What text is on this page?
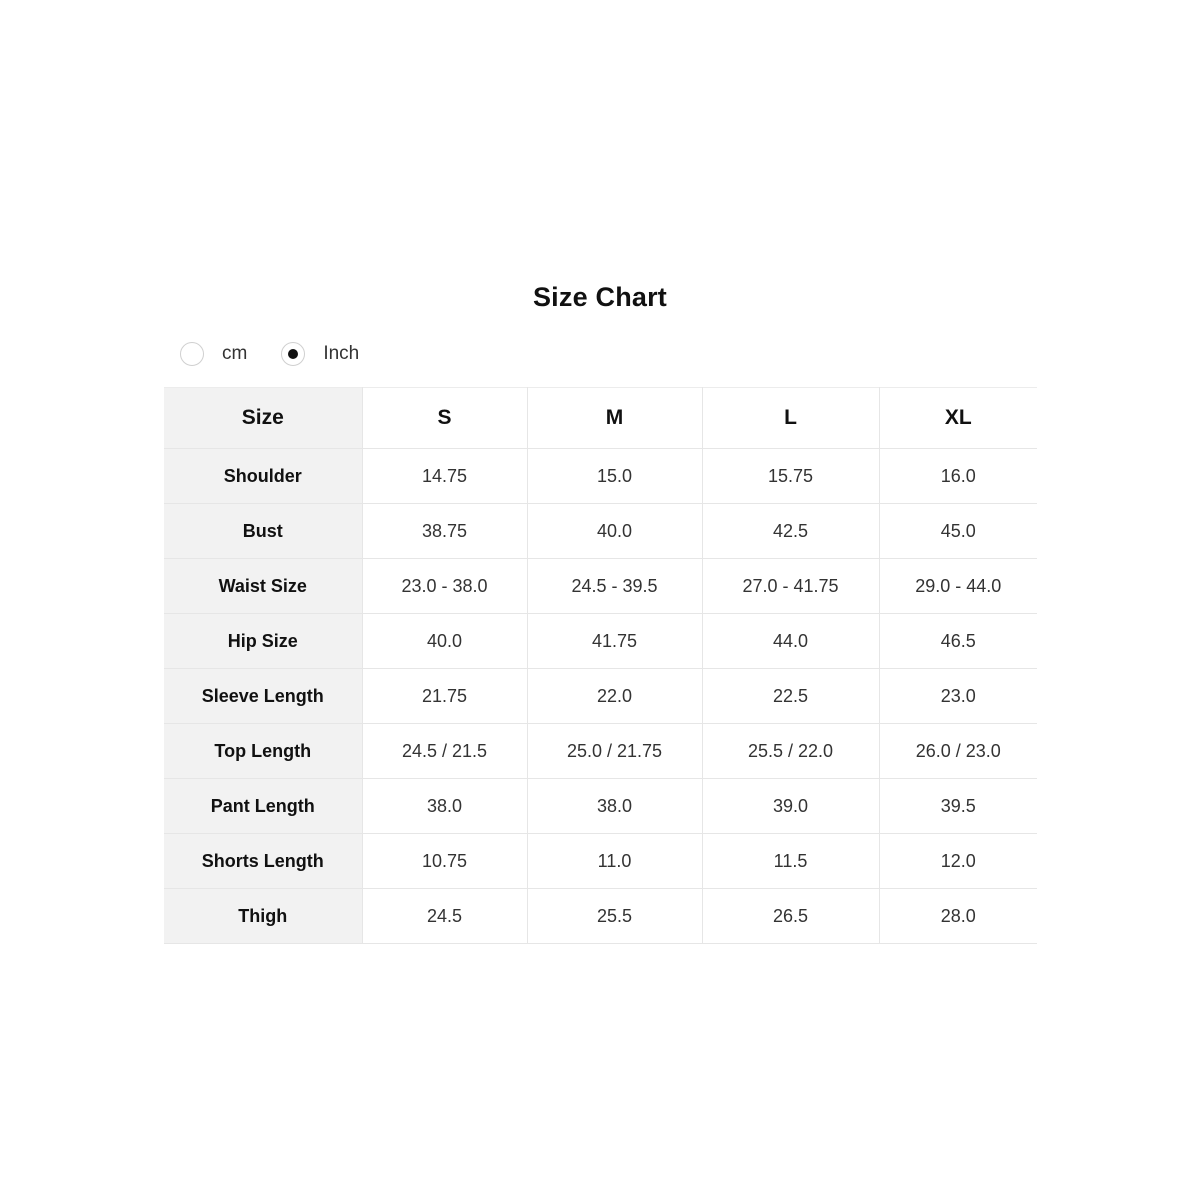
Size Chart
cm	Inch
Size	S	M	L	XL
Shoulder	14.75	15.0	15.75	16.0
Bust	38.75	40.0	42.5	45.0
Waist Size	23.0 - 38.0	24.5 - 39.5	27.0 - 41.75	29.0 - 44.0
Hip Size	40.0	41.75	44.0	46.5
Sleeve Length	21.75	22.0	22.5	23.0
Top Length	24.5 / 21.5	25.0 / 21.75	25.5 / 22.0	26.0 / 23.0
Pant Length	38.0	38.0	39.0	39.5
Shorts Length	10.75	11.0	11.5	12.0
Thigh	24.5	25.5	26.5	28.0
